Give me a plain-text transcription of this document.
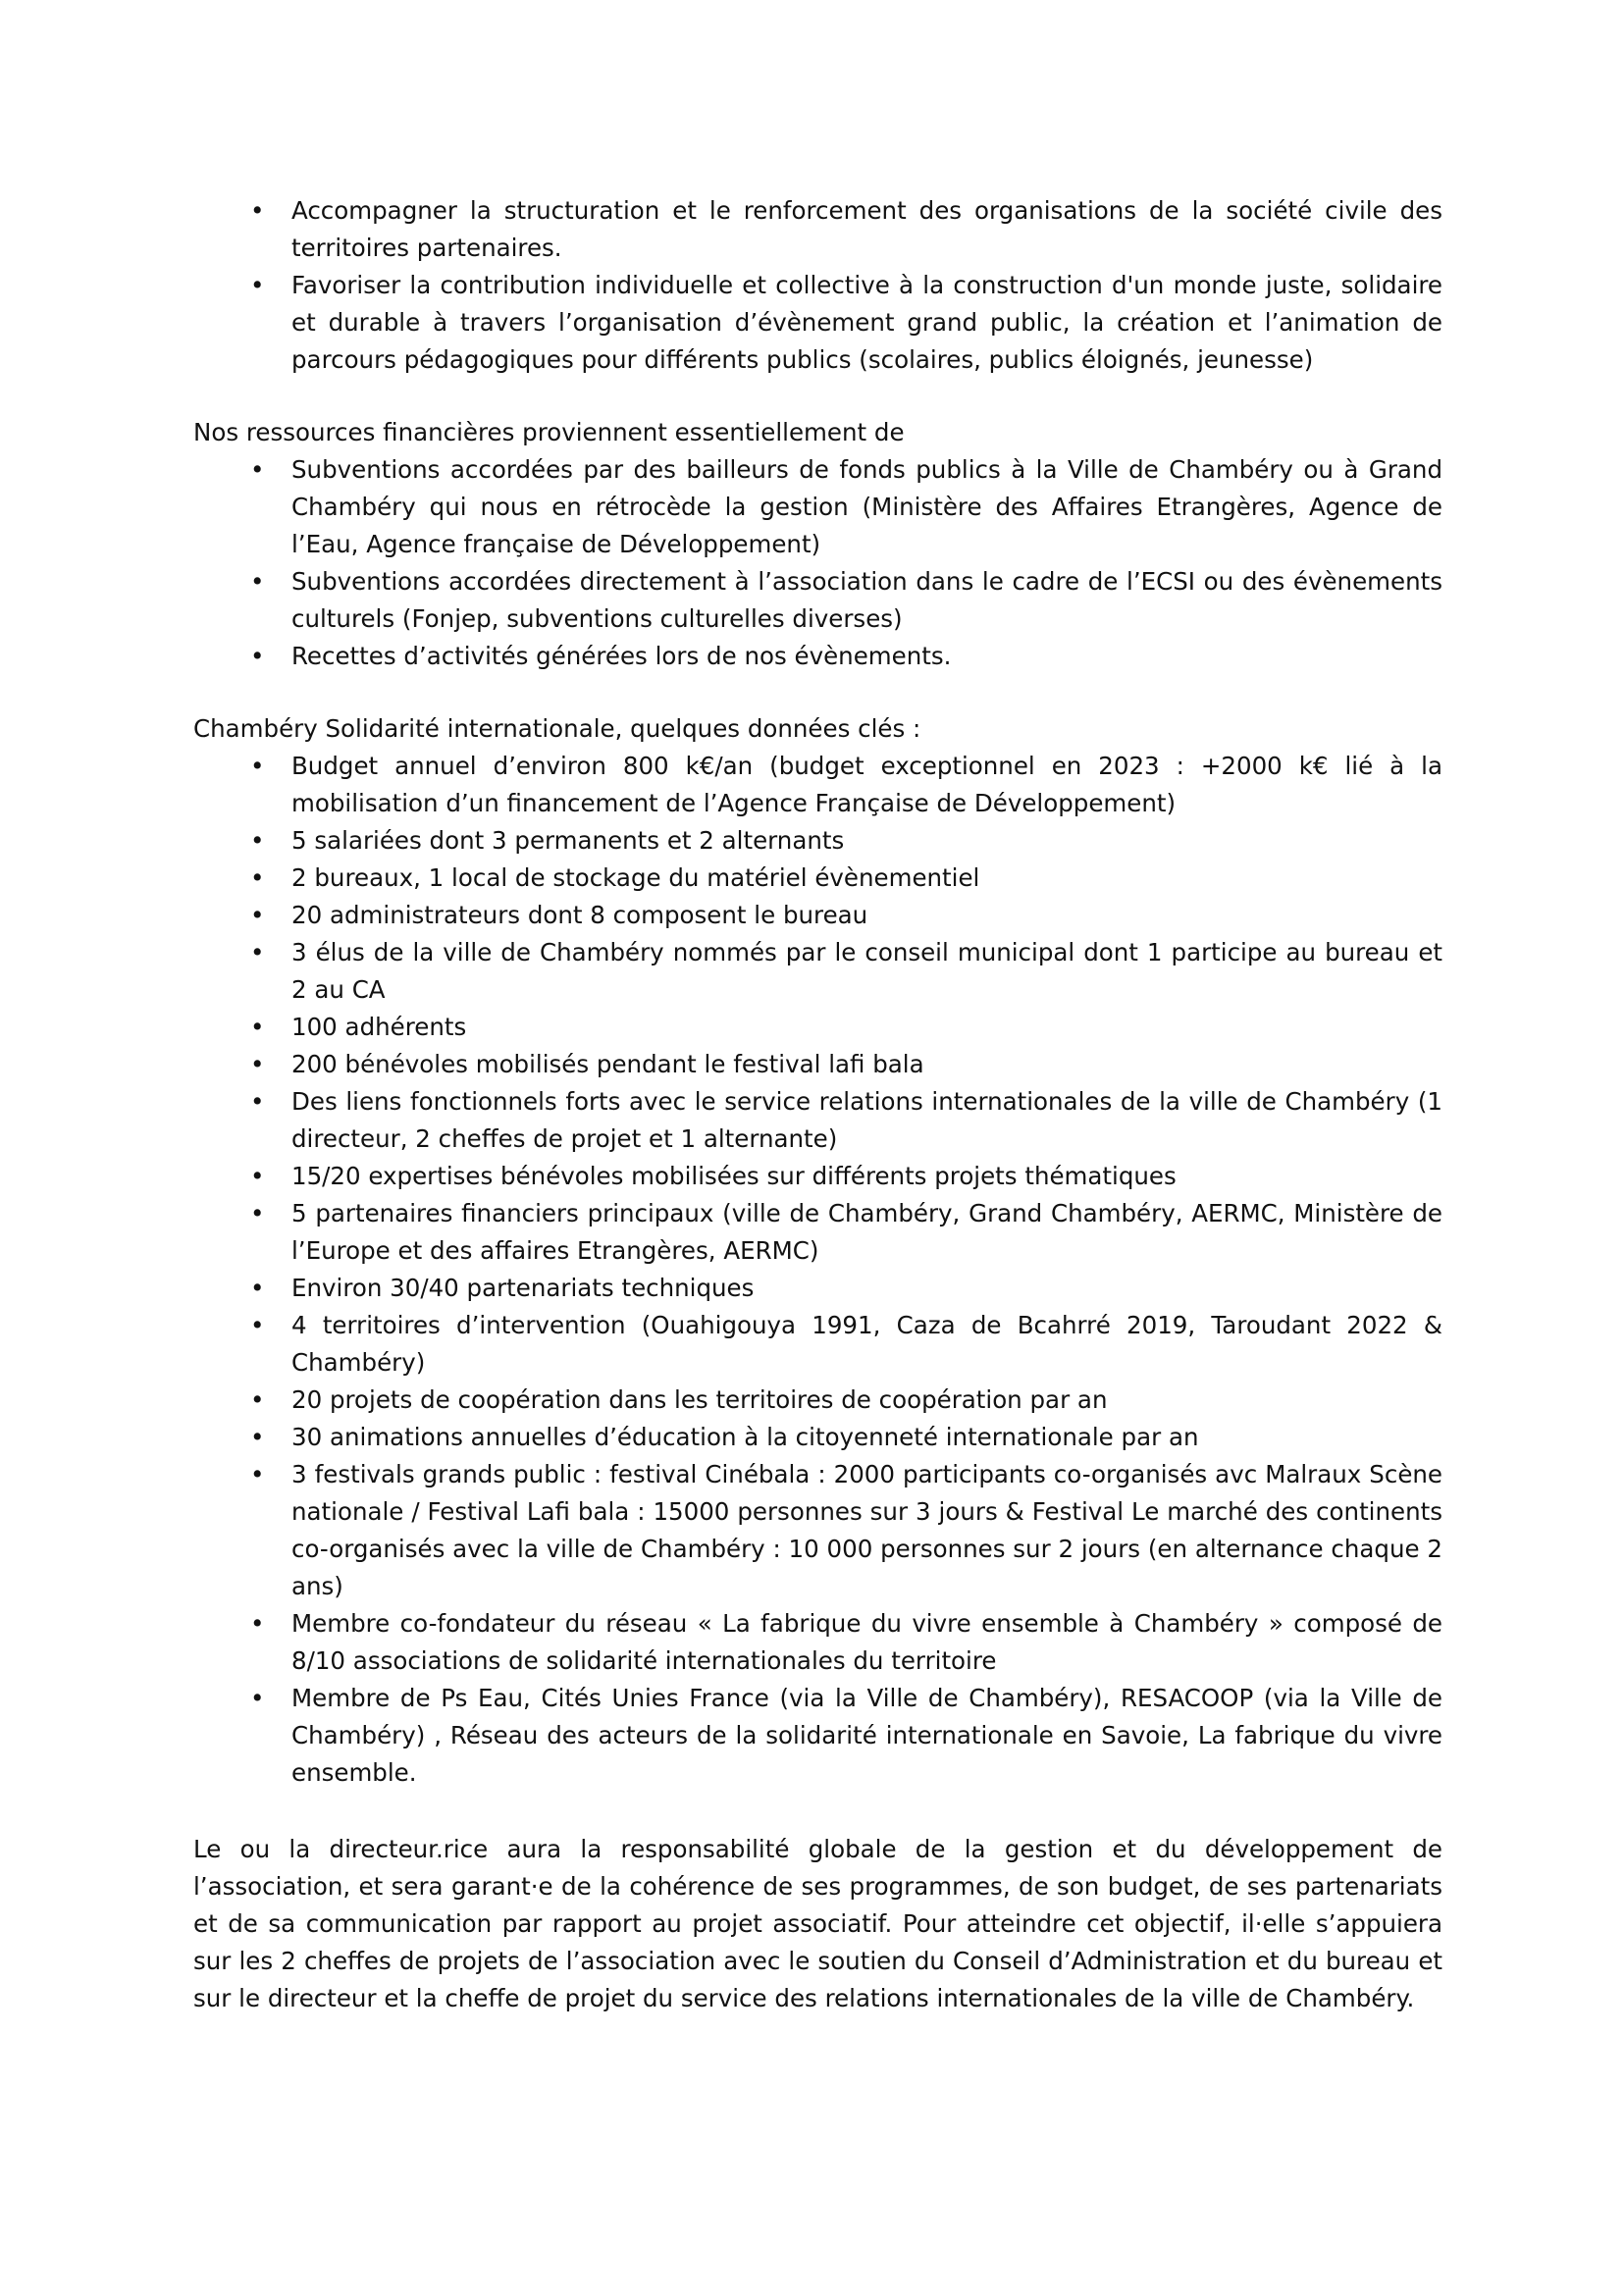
• Accompagner la structuration et le renforcement des organisations de la société civile des territoires partenaires.
• Favoriser la contribution individuelle et collective à la construction d'un monde juste, solidaire et durable à travers l’organisation d’évènement grand public, la création et l’animation de parcours pédagogiques pour différents publics (scolaires, publics éloignés, jeunesse)

Nos ressources financières proviennent essentiellement de

• Subventions accordées par des bailleurs de fonds publics à la Ville de Chambéry ou à Grand Chambéry qui nous en rétrocède la gestion (Ministère des Affaires Etrangères, Agence de l’Eau, Agence française de Développement)
• Subventions accordées directement à l’association dans le cadre de l’ECSI ou des évènements culturels (Fonjep, subventions culturelles diverses)
• Recettes d’activités générées lors de nos évènements.

Chambéry Solidarité internationale, quelques données clés :

• Budget annuel d’environ 800 k€/an (budget exceptionnel en 2023 : +2000 k€ lié à la mobilisation d’un financement de l’Agence Française de Développement)
• 5 salariées dont 3 permanents et 2 alternants
• 2 bureaux, 1 local de stockage du matériel évènementiel
• 20 administrateurs dont 8 composent le bureau
• 3 élus de la ville de Chambéry nommés par le conseil municipal dont 1 participe au bureau et 2 au CA
• 100 adhérents
• 200 bénévoles mobilisés pendant le festival lafi bala
• Des liens fonctionnels forts avec le service relations internationales de la ville de Chambéry (1 directeur, 2 cheffes de projet et 1 alternante)
• 15/20 expertises bénévoles mobilisées sur différents projets thématiques
• 5 partenaires financiers principaux (ville de Chambéry, Grand Chambéry, AERMC, Ministère de l’Europe et des affaires Etrangères, AERMC)
• Environ 30/40 partenariats techniques
• 4 territoires d’intervention (Ouahigouya 1991, Caza de Bcahrré 2019, Taroudant 2022 & Chambéry)
• 20 projets de coopération dans les territoires de coopération par an
• 30 animations annuelles d’éducation à la citoyenneté internationale par an
• 3 festivals grands public : festival Cinébala : 2000 participants co-organisés avc Malraux Scène nationale / Festival Lafi bala : 15000 personnes sur 3 jours & Festival Le marché des continents co-organisés avec la ville de Chambéry : 10 000 personnes sur 2 jours (en alternance chaque 2 ans)
• Membre co-fondateur du réseau « La fabrique du vivre ensemble à Chambéry » composé de 8/10 associations de solidarité internationales du territoire
• Membre de Ps Eau, Cités Unies France (via la Ville de Chambéry), RESACOOP (via la Ville de Chambéry) , Réseau des acteurs de la solidarité internationale en Savoie, La fabrique du vivre ensemble.

Le ou la directeur.rice aura la responsabilité globale de la gestion et du développement de l’association, et sera garant·e de la cohérence de ses programmes, de son budget, de ses partenariats et de sa communication par rapport au projet associatif. Pour atteindre cet objectif, il·elle s’appuiera sur les 2 cheffes de projets de l’association avec le soutien du Conseil d’Administration et du bureau et sur le directeur et la cheffe de projet du service des relations internationales de la ville de Chambéry.
